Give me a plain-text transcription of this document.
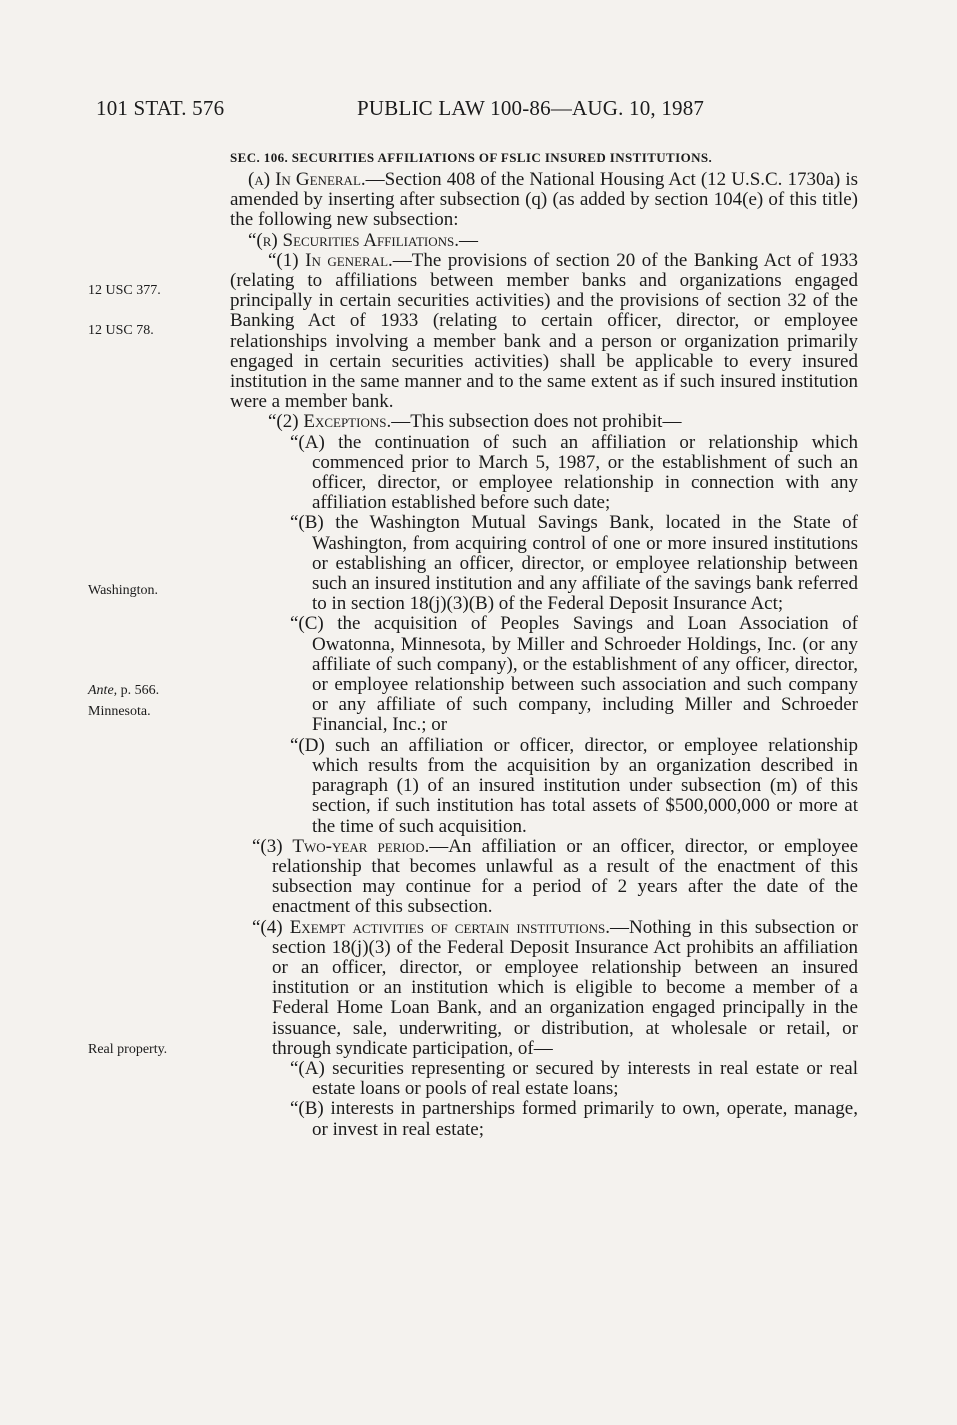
101 STAT. 576	PUBLIC LAW 100-86—AUG. 10, 1987
12 USC 377.
12 USC 78.
Washington.
Ante, p. 566.
Minnesota.
Real property.

SEC. 106. SECURITIES AFFILIATIONS OF FSLIC INSURED INSTITUTIONS.

(a) In General.—Section 408 of the National Housing Act (12 U.S.C. 1730a) is amended by inserting after subsection (q) (as added by section 104(e) of this title) the following new subsection:

“(r) Securities Affiliations.—

“(1) In general.—The provisions of section 20 of the Banking Act of 1933 (relating to affiliations between member banks and organizations engaged principally in certain securities activities) and the provisions of section 32 of the Banking Act of 1933 (relating to certain officer, director, or employee relationships involving a member bank and a person or organization primarily engaged in certain securities activities) shall be applicable to every insured institution in the same manner and to the same extent as if such insured institution were a member bank.

“(2) Exceptions.—This subsection does not prohibit—

“(A) the continuation of such an affiliation or relationship which commenced prior to March 5, 1987, or the establishment of such an officer, director, or employee relationship in connection with any affiliation established before such date;

“(B) the Washington Mutual Savings Bank, located in the State of Washington, from acquiring control of one or more insured institutions or establishing an officer, director, or employee relationship between such an insured institution and any affiliate of the savings bank referred to in section 18(j)(3)(B) of the Federal Deposit Insurance Act;

“(C) the acquisition of Peoples Savings and Loan Association of Owatonna, Minnesota, by Miller and Schroeder Holdings, Inc. (or any affiliate of such company), or the establishment of any officer, director, or employee relationship between such association and such company or any affiliate of such company, including Miller and Schroeder Financial, Inc.; or

“(D) such an affiliation or officer, director, or employee relationship which results from the acquisition by an organization described in paragraph (1) of an insured institution under subsection (m) of this section, if such institution has total assets of $500,000,000 or more at the time of such acquisition.

“(3) Two-year period.—An affiliation or an officer, director, or employee relationship that becomes unlawful as a result of the enactment of this subsection may continue for a period of 2 years after the date of the enactment of this subsection.

“(4) Exempt activities of certain institutions.—Nothing in this subsection or section 18(j)(3) of the Federal Deposit Insurance Act prohibits an affiliation or an officer, director, or employee relationship between an insured institution or an institution which is eligible to become a member of a Federal Home Loan Bank, and an organization engaged principally in the issuance, sale, underwriting, or distribution, at wholesale or retail, or through syndicate participation, of—

“(A) securities representing or secured by interests in real estate or real estate loans or pools of real estate loans;

“(B) interests in partnerships formed primarily to own, operate, manage, or invest in real estate;
